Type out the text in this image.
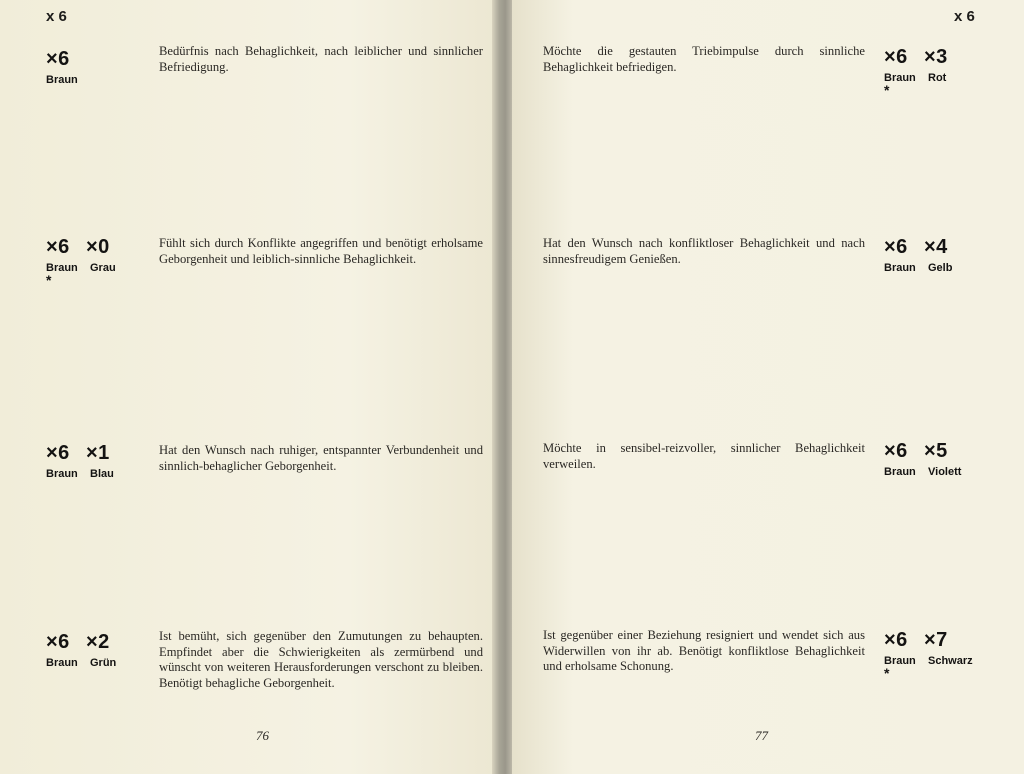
x 6
×6
Braun
Bedürfnis nach Behaglichkeit, nach leiblicher und sinnlicher Befriedigung.
×6 ×0
Braun Grau
*
Fühlt sich durch Konflikte angegriffen und benötigt erholsame Geborgenheit und leiblich-sinnliche Behaglichkeit.
×6 ×1
Braun Blau
Hat den Wunsch nach ruhiger, entspannter Verbundenheit und sinnlich-behaglicher Geborgenheit.
×6 ×2
Braun Grün
Ist bemüht, sich gegenüber den Zumutungen zu behaupten. Empfindet aber die Schwierigkeiten als zermürbend und wünscht von weiteren Herausforderungen verschont zu bleiben. Benötigt behagliche Geborgenheit.
76
x 6
Möchte die gestauten Triebimpulse durch sinnliche Behaglichkeit befriedigen.	×6 ×3
Braun Rot
*
Hat den Wunsch nach konfliktloser Behaglichkeit und nach sinnesfreudigem Genießen.
×6 ×4
Braun Gelb
Möchte in sensibel-reizvoller, sinnlicher Behaglichkeit verweilen.
×6 ×5
Braun Violett
Ist gegenüber einer Beziehung resigniert und wendet sich aus Widerwillen von ihr ab. Benötigt konfliktlose Behaglichkeit und erholsame Schonung.
×6 ×7
Braun Schwarz
*
77
